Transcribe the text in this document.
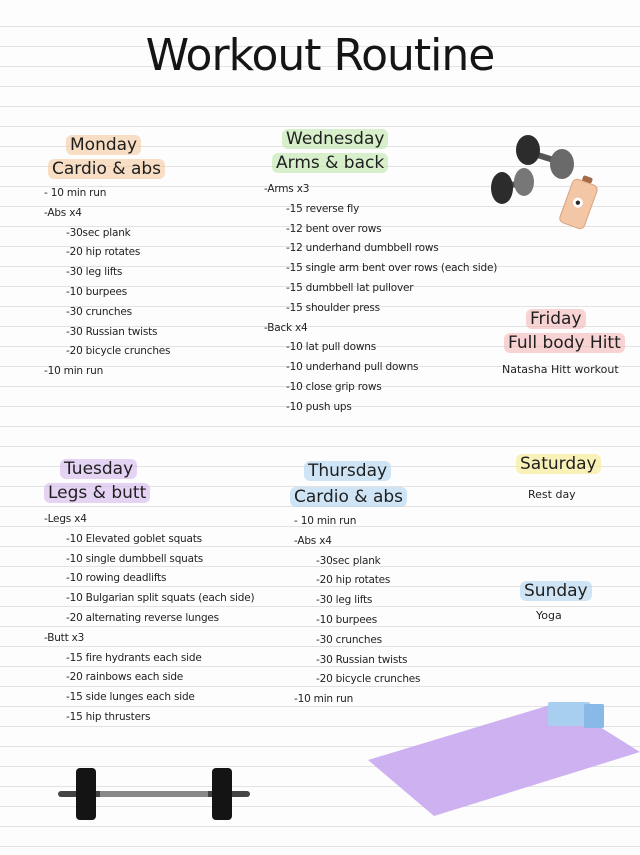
Workout Routine
Monday
Cardio & abs
- 10 min run
-Abs x4
-30sec plank
-20 hip rotates
-30 leg lifts
-10 burpees
-30 crunches
-30 Russian twists
-20 bicycle crunches
-10 min run
Wednesday
Arms & back
-Arms x3
-15 reverse fly
-12 bent over rows
-12 underhand dumbbell rows
-15 single arm bent over rows (each side)
-15 dumbbell lat pullover
-15 shoulder press
-Back x4
-10 lat pull downs
-10 underhand pull downs
-10 close grip rows
-10 push ups
Friday
Full body Hitt
Natasha Hitt workout
Tuesday
Legs & butt
-Legs x4
-10 Elevated goblet squats
-10 single dumbbell squats
-10 rowing deadlifts
-10 Bulgarian split squats (each side)
-20 alternating reverse lunges
-Butt x3
-15 fire hydrants each side
-20 rainbows each side
-15 side lunges each side
-15 hip thrusters
Thursday
Cardio & abs
- 10 min run
-Abs x4
-30sec plank
-20 hip rotates
-30 leg lifts
-10 burpees
-30 crunches
-30 Russian twists
-20 bicycle crunches
-10 min run
Saturday
Rest day
Sunday
Yoga
